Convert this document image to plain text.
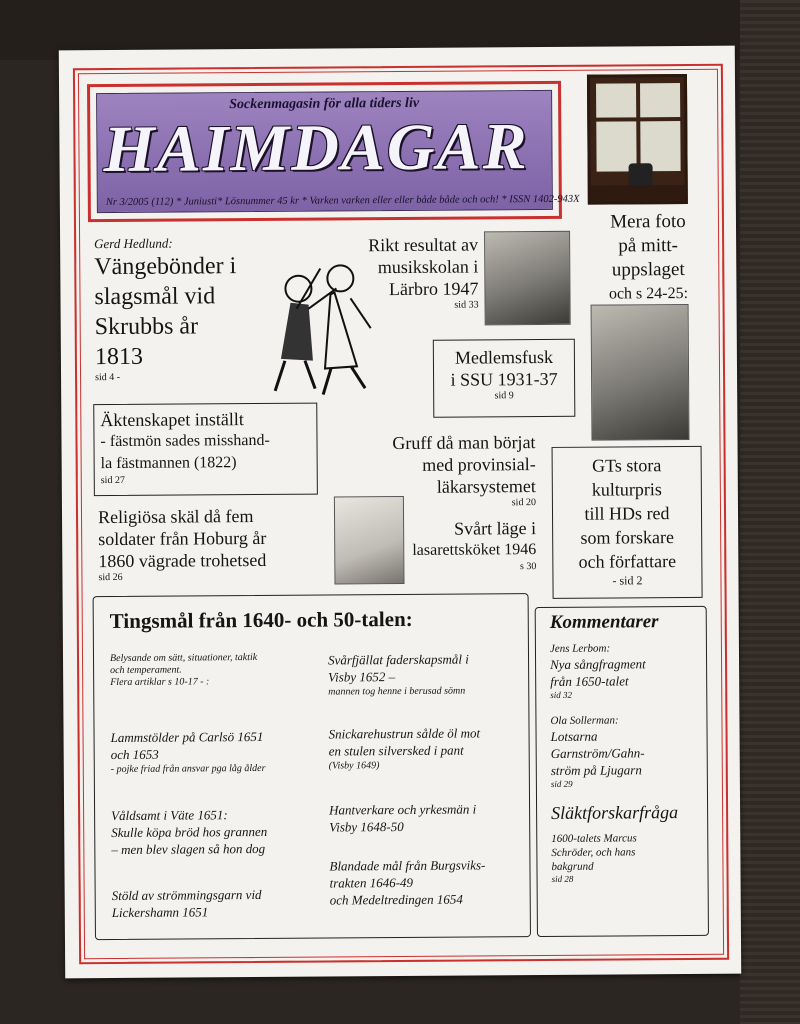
Sockenmagasin för alla tiders liv
HAIMDAGAR
Nr 3/2005 (112) * Juniusti* Lösnummer 45 kr * Varken varken eller eller både både och och! * ISSN 1402-943X
Mera foto
på mitt-
uppslaget
och s 24-25:
Gerd Hedlund:
Vängebönder i
slagsmål vid
Skrubbs år
1813
sid 4 -
Rikt resultat av
musikskolan i
Lärbro 1947
sid 33
Medlemsfusk
i SSU 1931-37
sid 9
Äktenskapet inställt
- fästmön sades misshand-
la fästmannen (1822)
sid 27
Gruff då man börjat
med provinsial-
läkarsystemet
sid 20
GTs stora
kulturpris
till HDs red
som forskare
och författare
- sid 2
Religiösa skäl då fem
soldater från Hoburg år
1860 vägrade trohetsed
sid 26
Svårt läge i
lasarettsköket 1946
s 30
Tingsmål från 1640- och 50-talen:
Belysande om sätt, situationer, taktik
och temperament.
Flera artiklar s 10-17 - :
Lammstölder på Carlsö 1651
och 1653
- pojke friad från ansvar pga låg ålder
Våldsamt i Väte 1651:
Skulle köpa bröd hos grannen
– men blev slagen så hon dog
Stöld av strömmingsgarn vid
Lickershamn 1651
Svårfjällat faderskapsmål i
Visby 1652 –
mannen tog henne i berusad sömn
Snickarehustrun sålde öl mot
en stulen silversked i pant
(Visby 1649)
Hantverkare och yrkesmän i
Visby 1648-50
Blandade mål från Burgsviks-
trakten 1646-49
och Medeltredingen 1654
Kommentarer
Jens Lerbom:
Nya sångfragment
från 1650-talet
sid 32
Ola Sollerman:
Lotsarna
Garnström/Gahn-
ström på Ljugarn
sid 29
Släktforskarfråga
1600-talets Marcus
Schröder, och hans
bakgrund
sid 28
